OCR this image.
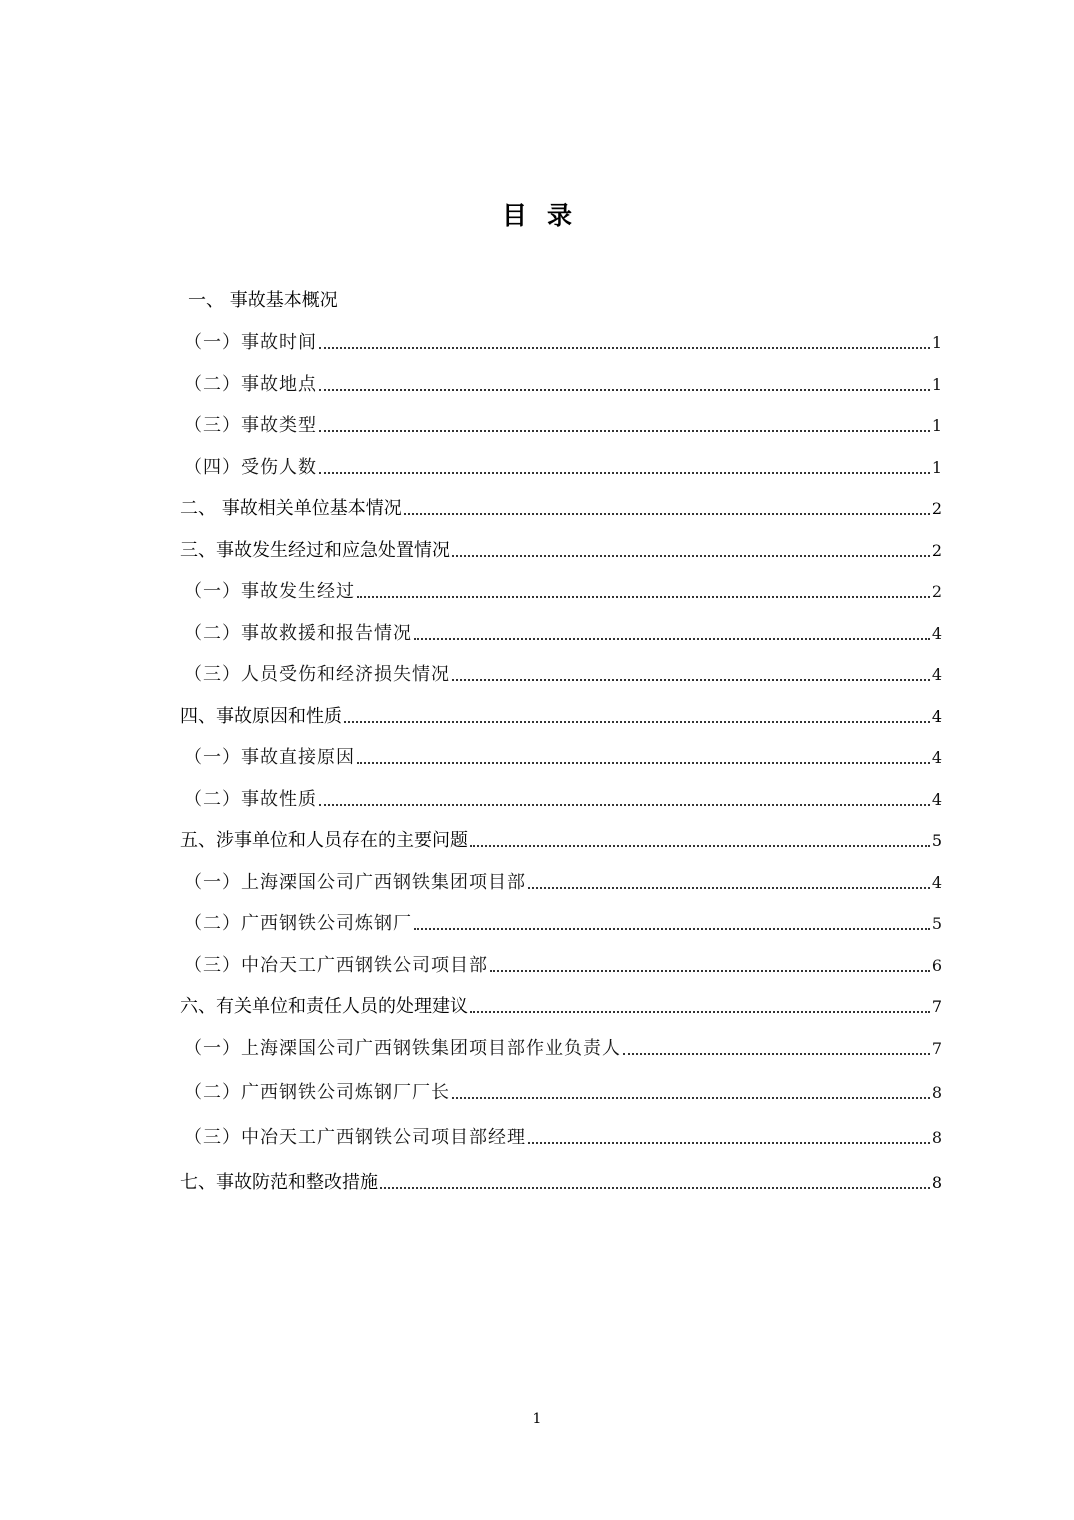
目录
一、 事故基本概况
（一）事故时间	1
（二）事故地点	1
（三）事故类型	1
（四）受伤人数	1
二、 事故相关单位基本情况	2
三、事故发生经过和应急处置情况	2
（一）事故发生经过	2
（二）事故救援和报告情况	4
（三）人员受伤和经济损失情况	4
四、事故原因和性质	4
（一）事故直接原因	4
（二）事故性质	4
五、涉事单位和人员存在的主要问题	5
（一）上海溧国公司广西钢铁集团项目部	4
（二）广西钢铁公司炼钢厂	5
（三）中冶天工广西钢铁公司项目部	6
六、有关单位和责任人员的处理建议	7
（一）上海溧国公司广西钢铁集团项目部作业负责人	7
（二）广西钢铁公司炼钢厂厂长	8
（三）中冶天工广西钢铁公司项目部经理	8
七、事故防范和整改措施	8
1
